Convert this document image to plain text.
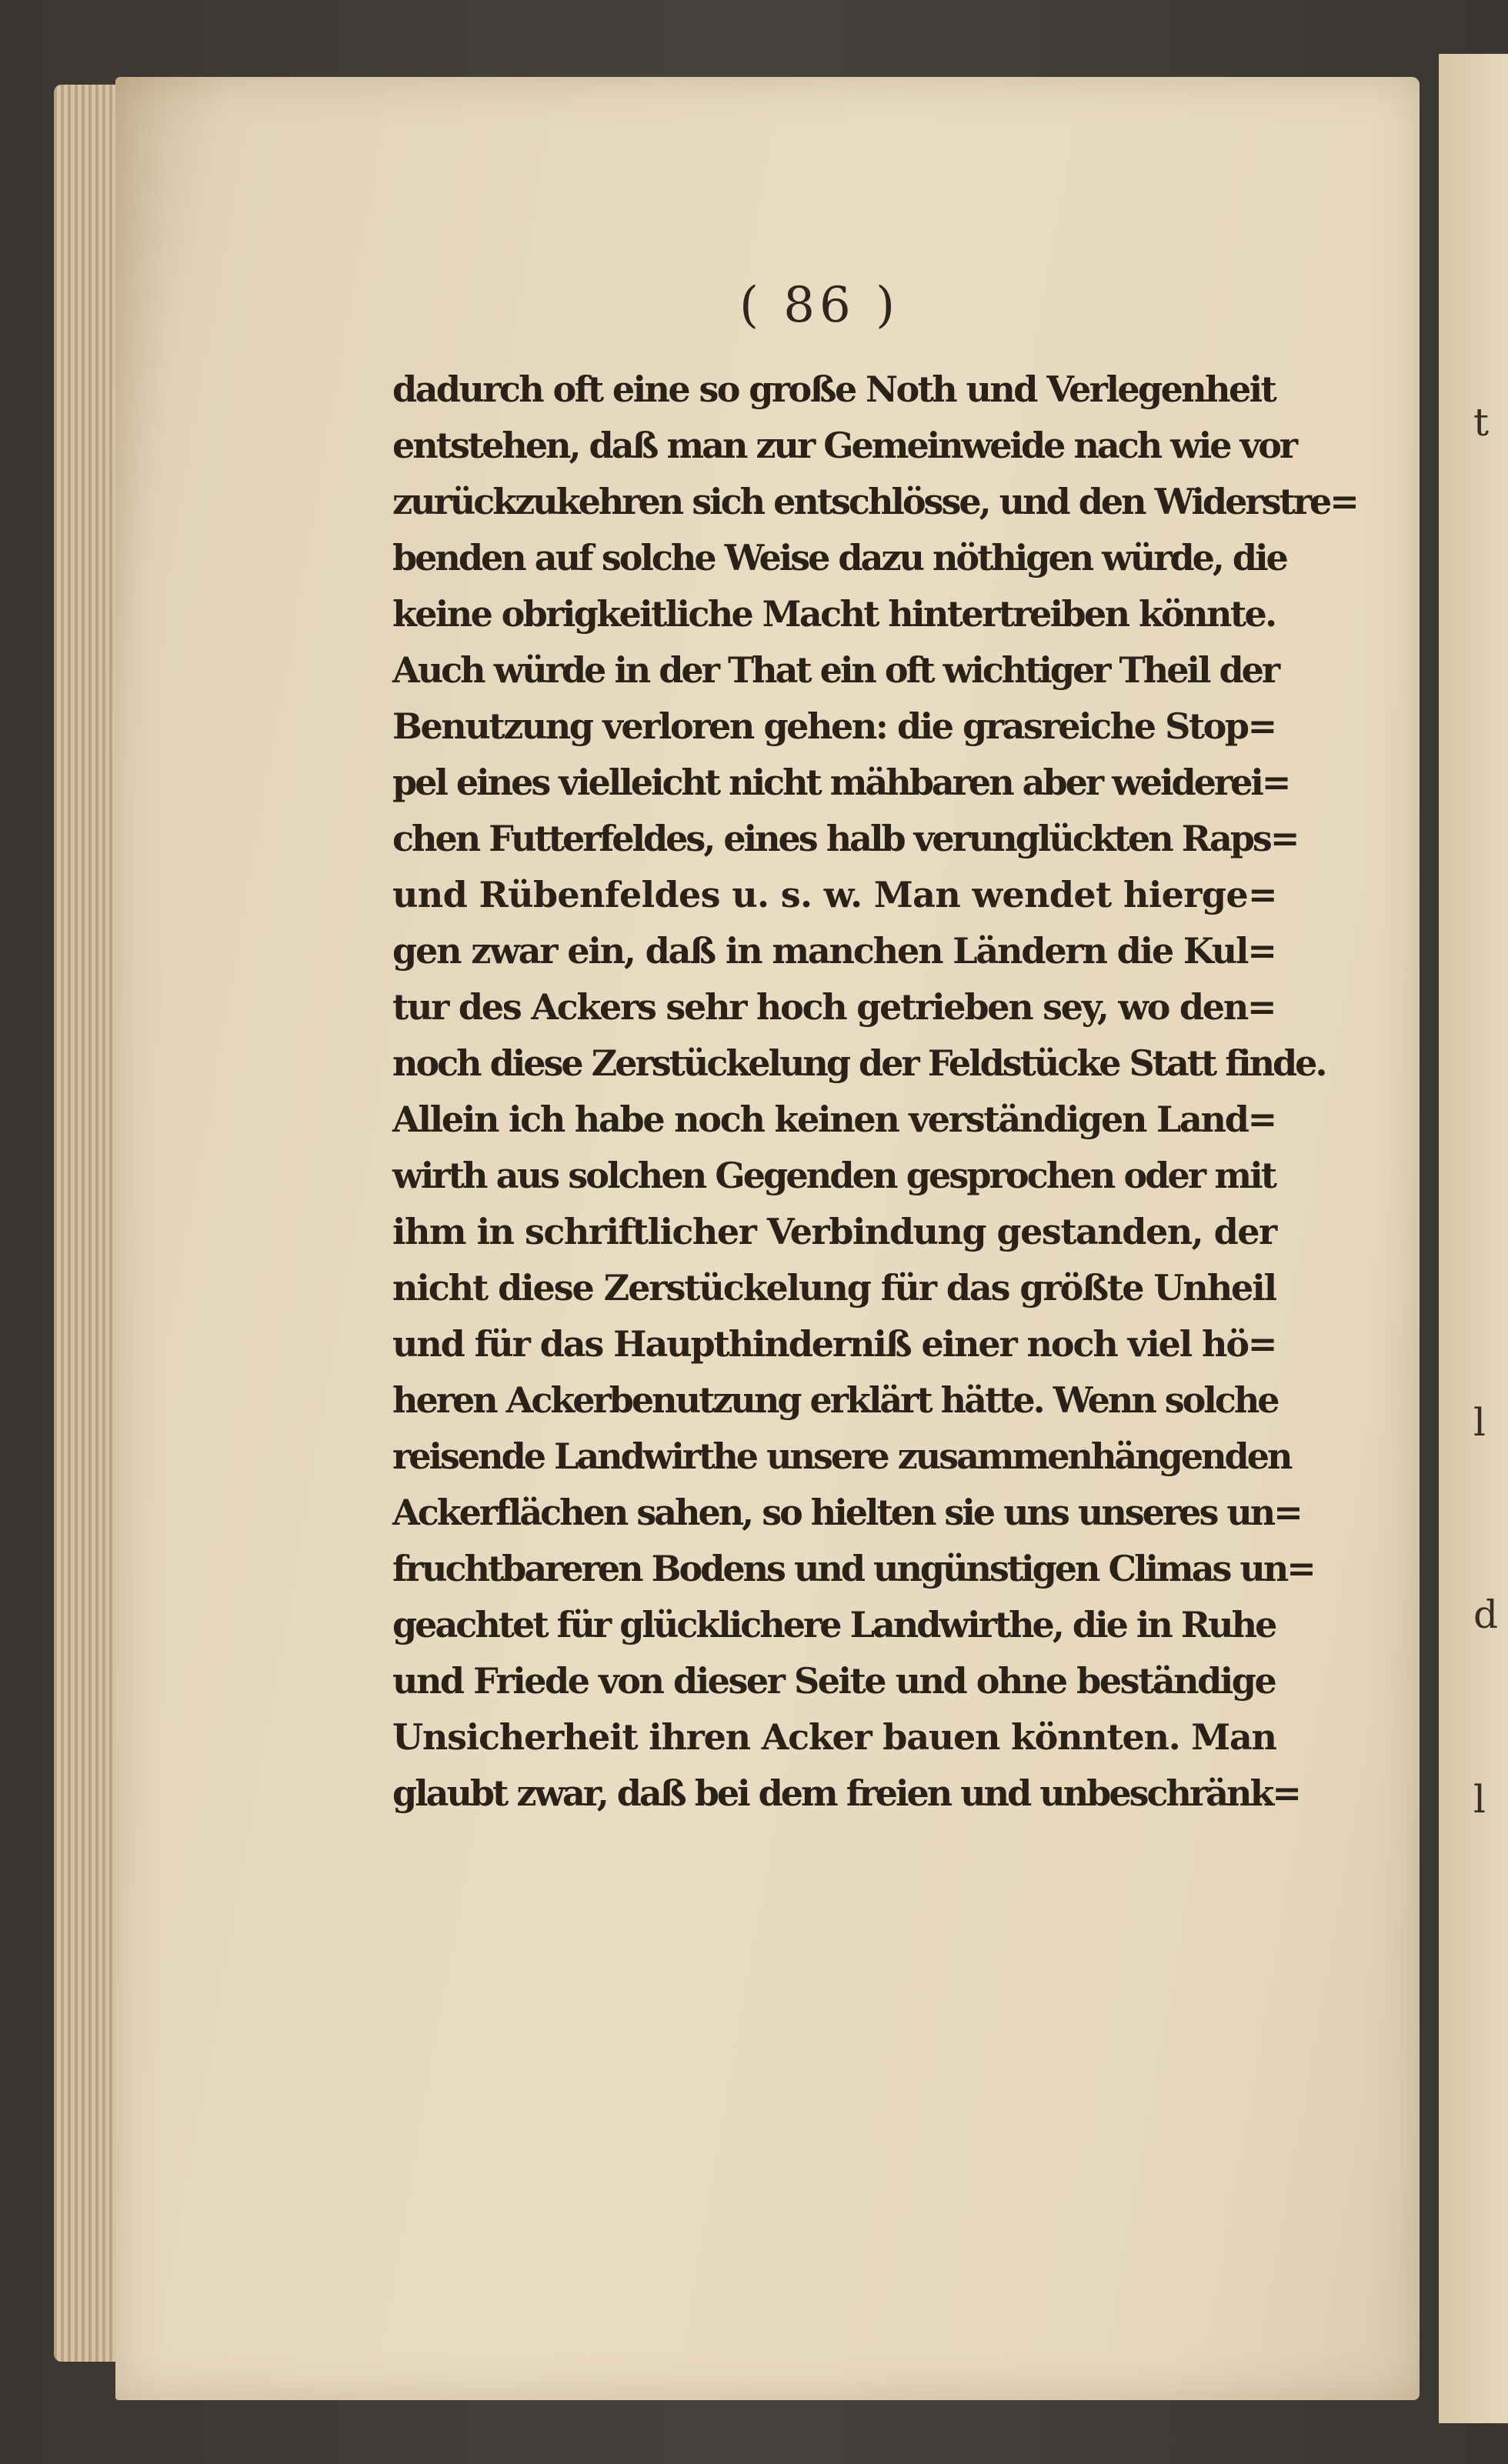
t
l
d
l
( 86 )
dadurch oft eine so große Noth und Verlegenheit
entstehen, daß man zur Gemeinweide nach wie vor
zurückzukehren sich entschlösse, und den Widerstre=
benden auf solche Weise dazu nöthigen würde, die
keine obrigkeitliche Macht hintertreiben könnte.
Auch würde in der That ein oft wichtiger Theil der
Benutzung verloren gehen: die grasreiche Stop=
pel eines vielleicht nicht mähbaren aber weiderei=
chen Futterfeldes, eines halb verunglückten Raps=
und Rübenfeldes u. s. w. Man wendet hierge=
gen zwar ein, daß in manchen Ländern die Kul=
tur des Ackers sehr hoch getrieben sey, wo den=
noch diese Zerstückelung der Feldstücke Statt finde.
Allein ich habe noch keinen verständigen Land=
wirth aus solchen Gegenden gesprochen oder mit
ihm in schriftlicher Verbindung gestanden, der
nicht diese Zerstückelung für das größte Unheil
und für das Haupthinderniß einer noch viel hö=
heren Ackerbenutzung erklärt hätte. Wenn solche
reisende Landwirthe unsere zusammenhängenden
Ackerflächen sahen, so hielten sie uns unseres un=
fruchtbareren Bodens und ungünstigen Climas un=
geachtet für glücklichere Landwirthe, die in Ruhe
und Friede von dieser Seite und ohne beständige
Unsicherheit ihren Acker bauen könnten. Man
glaubt zwar, daß bei dem freien und unbeschränk=
